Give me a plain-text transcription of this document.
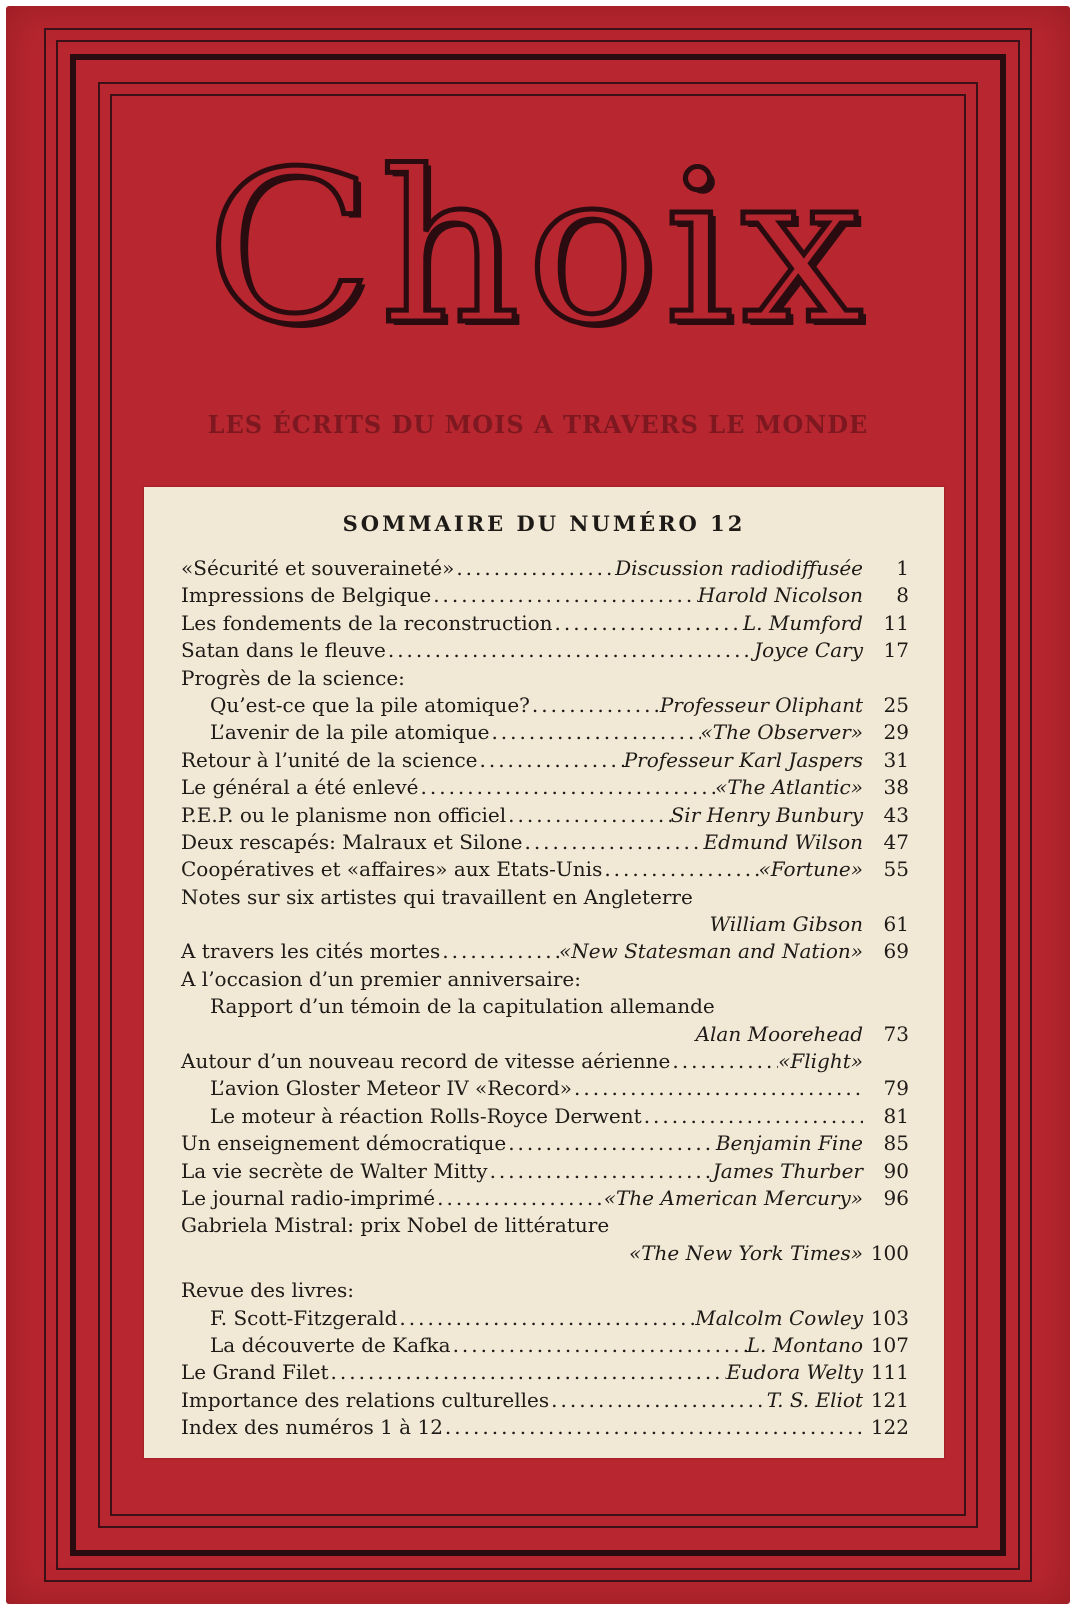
Choix
LES ÉCRITS DU MOIS A TRAVERS LE MONDE
SOMMAIRE DU NUMÉRO 12
«Sécurité et souveraineté» .....	Discussion radiodiffusée	1
Impressions de Belgique .....	Harold Nicolson	8
Les fondements de la reconstruction .....	L. Mumford	11
Satan dans le fleuve .....	Joyce Cary	17
Progrès de la science:
Qu’est-ce que la pile atomique? .....	Professeur Oliphant	25
L’avenir de la pile atomique .....	«The Observer»	29
Retour à l’unité de la science .....	Professeur Karl Jaspers	31
Le général a été enlevé .....	«The Atlantic»	38
P.E.P. ou le planisme non officiel .....	Sir Henry Bunbury	43
Deux rescapés: Malraux et Silone .....	Edmund Wilson	47
Coopératives et «affaires» aux Etats-Unis .....	«Fortune»	55
Notes sur six artistes qui travaillent en Angleterre
William Gibson	61
A travers les cités mortes .....	«New Statesman and Nation»	69
A l’occasion d’un premier anniversaire:
Rapport d’un témoin de la capitulation allemande
Alan Moorehead	73
Autour d’un nouveau record de vitesse aérienne .....	«Flight»
L’avion Gloster Meteor IV «Record» .....	79
Le moteur à réaction Rolls-Royce Derwent .....	81
Un enseignement démocratique .....	Benjamin Fine	85
La vie secrète de Walter Mitty .....	James Thurber	90
Le journal radio-imprimé .....	«The American Mercury»	96
Gabriela Mistral: prix Nobel de littérature
«The New York Times» 100
Revue des livres:
F. Scott-Fitzgerald .....	Malcolm Cowley 103
La découverte de Kafka .....	L. Montano 107
Le Grand Filet .....	Eudora Welty 111
Importance des relations culturelles .....	T. S. Eliot 121
Index des numéros 1 à 12 .....	122
